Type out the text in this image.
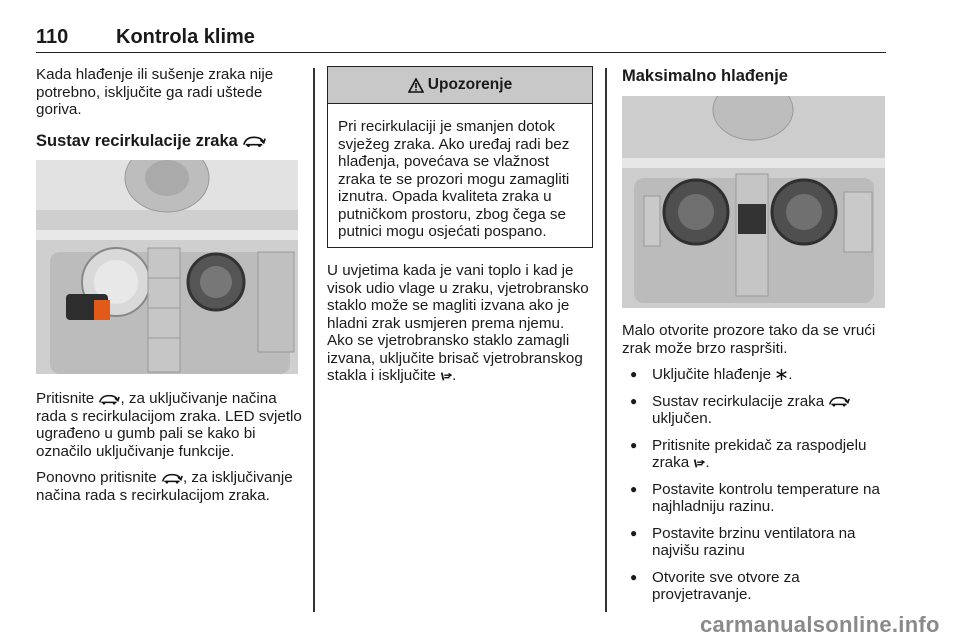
110 Kontrola klime

Kada hlađenje ili sušenje zraka nije potrebno, isključite ga radi uštede goriva.

Sustav recirkulacije zraka

Pritisnite , za uključivanje načina rada s recirkulacijom zraka. LED svjetlo ugrađeno u gumb pali se kako bi označilo uključivanje funkcije.

Ponovno pritisnite , za isključivanje načina rada s recirkulacijom zraka.

Upozorenje
Pri recirkulaciji je smanjen dotok svježeg zraka. Ako uređaj radi bez hlađenja, povećava se vlažnost zraka te se prozori mogu zamagliti iznutra. Opada kvaliteta zraka u putničkom prostoru, zbog čega se putnici mogu osjećati pospano.

U uvjetima kada je vani toplo i kad je visok udio vlage u zraku, vjetrobransko staklo može se magliti izvana ako je hladni zrak usmjeren prema njemu. Ako se vjetrobransko staklo zamagli izvana, uključite brisač vjetrobranskog stakla i isključite .

Maksimalno hlađenje

Malo otvorite prozore tako da se vrući zrak može brzo raspršiti.

● Uključite hlađenje .
● Sustav recirkulacije zraka  uključen.
● Pritisnite prekidač za raspodjelu zraka .
● Postavite kontrolu temperature na najhladniju razinu.
● Postavite brzinu ventilatora na najvišu razinu
● Otvorite sve otvore za provjetravanje.
carmanualsonline.info
